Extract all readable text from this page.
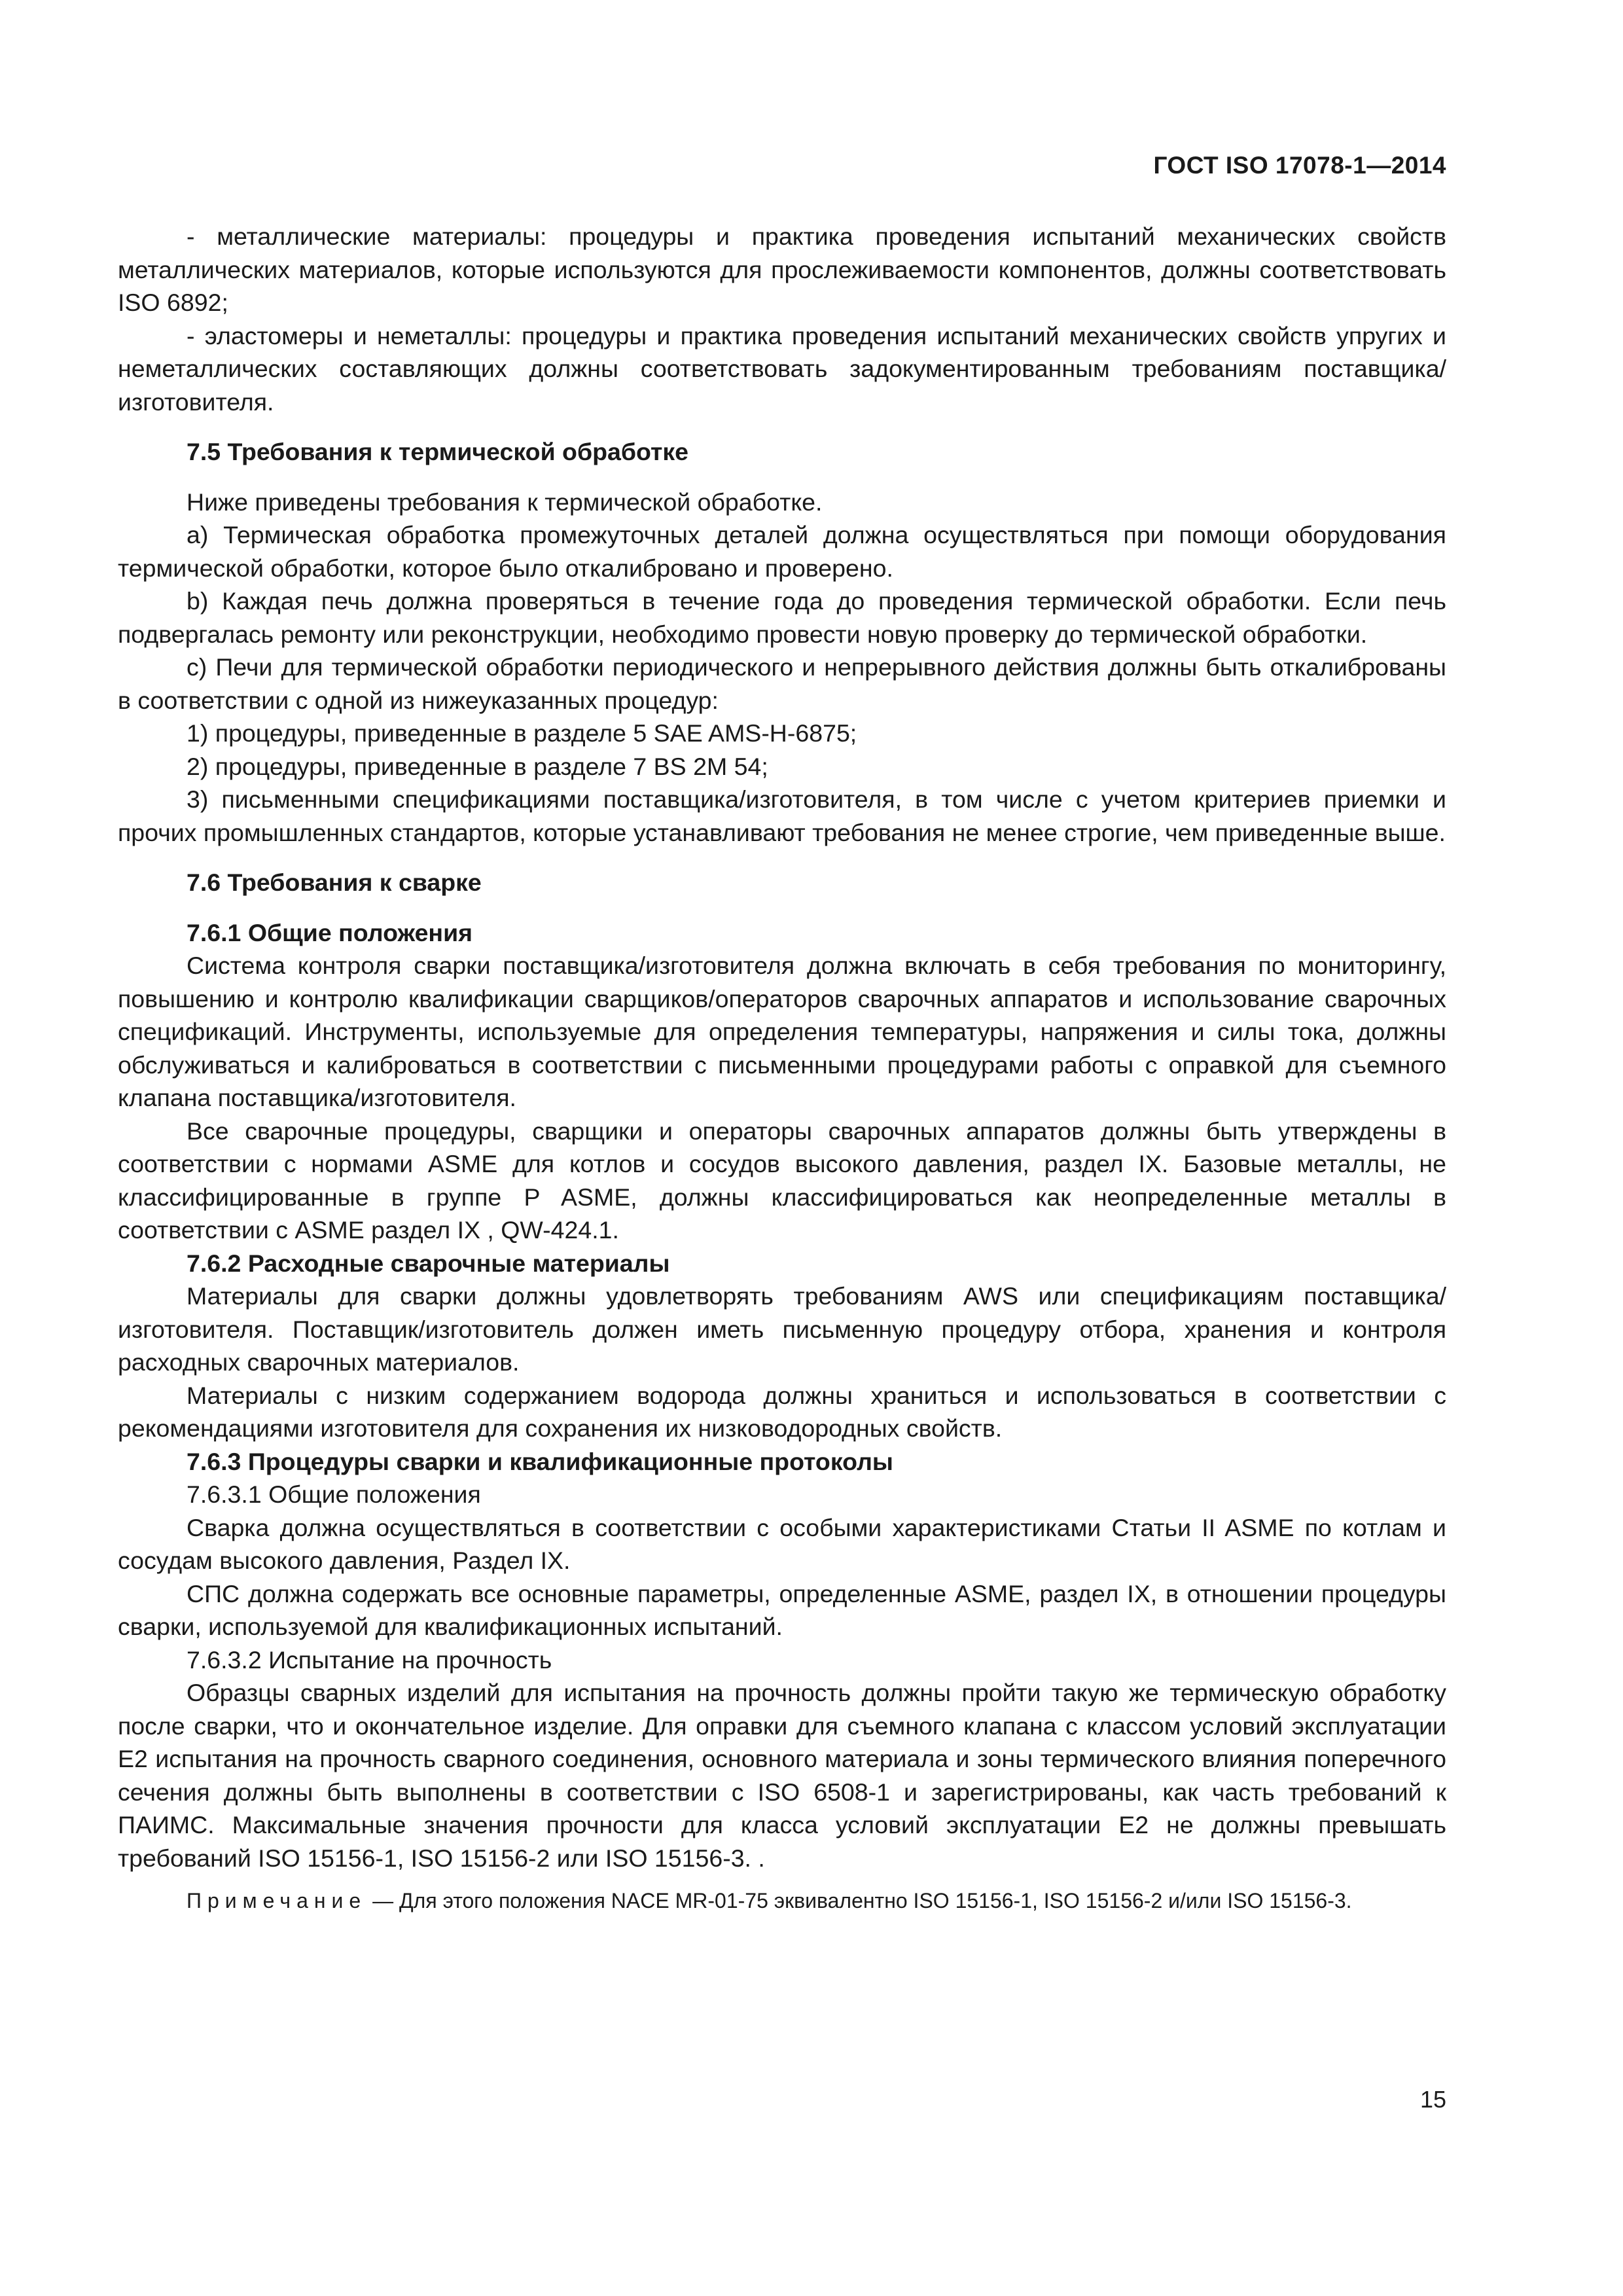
ГОСТ ISO 17078-1—2014

- металлические материалы: процедуры и практика проведения испытаний механических свойств металлических материалов, которые используются для прослеживаемости компонентов, должны соответствовать ISO 6892;

- эластомеры и неметаллы: процедуры и практика проведения испытаний механических свойств упругих и неметаллических составляющих должны соответствовать задокументированным требованиям поставщика/изготовителя.

7.5 Требования к термической обработке

Ниже приведены требования к термической обработке.

a) Термическая обработка промежуточных деталей должна осуществляться при помощи оборудования термической обработки, которое было откалибровано и проверено.

b) Каждая печь должна проверяться в течение года до проведения термической обработки. Если печь подвергалась ремонту или реконструкции, необходимо провести новую проверку до термической обработки.

c) Печи для термической обработки периодического и непрерывного действия должны быть откалиброваны в соответствии с одной из нижеуказанных процедур:

1) процедуры, приведенные в разделе 5 SAE AMS-H-6875;

2) процедуры, приведенные в разделе 7 BS 2M 54;

3) письменными спецификациями поставщика/изготовителя, в том числе с учетом критериев приемки и прочих промышленных стандартов, которые устанавливают требования не менее строгие, чем приведенные выше.

7.6 Требования к сварке

7.6.1 Общие положения

Система контроля сварки поставщика/изготовителя должна включать в себя требования по мониторингу, повышению и контролю квалификации сварщиков/операторов сварочных аппаратов и использование сварочных спецификаций. Инструменты, используемые для определения температуры, напряжения и силы тока, должны обслуживаться и калиброваться в соответствии с письменными процедурами работы с оправкой для съемного клапана поставщика/изготовителя.

Все сварочные процедуры, сварщики и операторы сварочных аппаратов должны быть утверждены в соответствии с нормами ASME для котлов и сосудов высокого давления, раздел IX. Базовые металлы, не классифицированные в группе P ASME, должны классифицироваться как неопределенные металлы в соответствии с ASME раздел IX , QW-424.1.

7.6.2 Расходные сварочные материалы

Материалы для сварки должны удовлетворять требованиям AWS или спецификациям поставщика/изготовителя. Поставщик/изготовитель должен иметь письменную процедуру отбора, хранения и контроля расходных сварочных материалов.

Материалы с низким содержанием водорода должны храниться и использоваться в соответствии с рекомендациями изготовителя для сохранения их низководородных свойств.

7.6.3 Процедуры сварки и квалификационные протоколы

7.6.3.1 Общие положения

Сварка должна осуществляться в соответствии с особыми характеристиками Статьи II ASME по котлам и сосудам высокого давления, Раздел IX.

СПС должна содержать все основные параметры, определенные ASME, раздел IX, в отношении процедуры сварки, используемой для квалификационных испытаний.

7.6.3.2 Испытание на прочность

Образцы сварных изделий для испытания на прочность должны пройти такую же термическую обработку после сварки, что и окончательное изделие. Для оправки для съемного клапана с классом условий эксплуатации E2 испытания на прочность сварного соединения, основного материала и зоны термического влияния поперечного сечения должны быть выполнены в соответствии с ISO 6508-1 и зарегистрированы, как часть требований к ПАИМС. Максимальные значения прочности для класса условий эксплуатации E2 не должны превышать требований ISO 15156-1, ISO 15156-2 или ISO 15156-3. .

Примечание — Для этого положения NACE MR-01-75 эквивалентно ISO 15156-1, ISO 15156-2 и/или ISO 15156-3.

15
